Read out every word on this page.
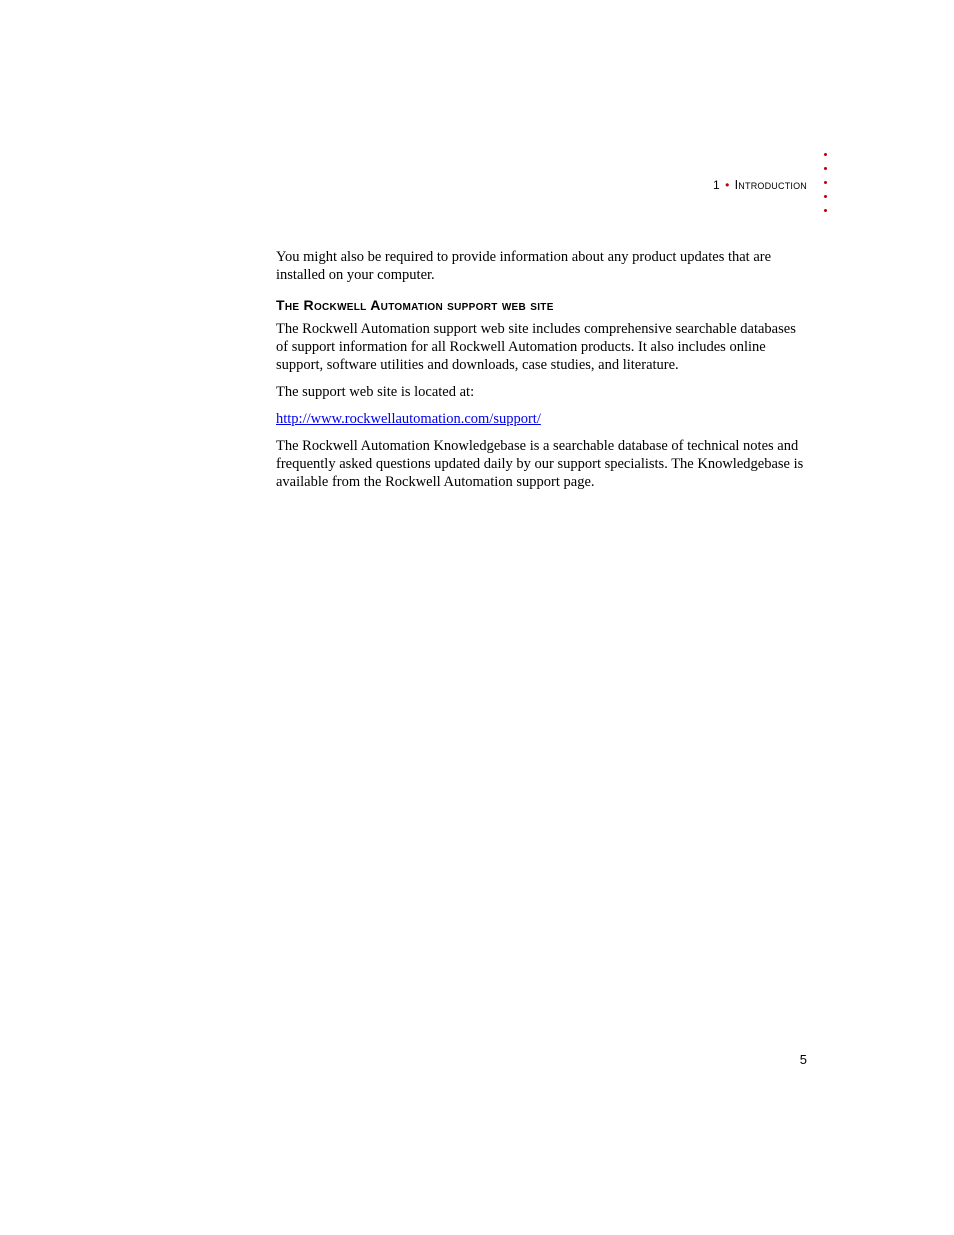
1 • Introduction

You might also be required to provide information about any product updates that are installed on your computer.

The Rockwell Automation support web site

The Rockwell Automation support web site includes comprehensive searchable databases of support information for all Rockwell Automation products. It also includes online support, software utilities and downloads, case studies, and literature.

The support web site is located at:

http://www.rockwellautomation.com/support/

The Rockwell Automation Knowledgebase is a searchable database of technical notes and frequently asked questions updated daily by our support specialists. The Knowledgebase is available from the Rockwell Automation support page.

5
